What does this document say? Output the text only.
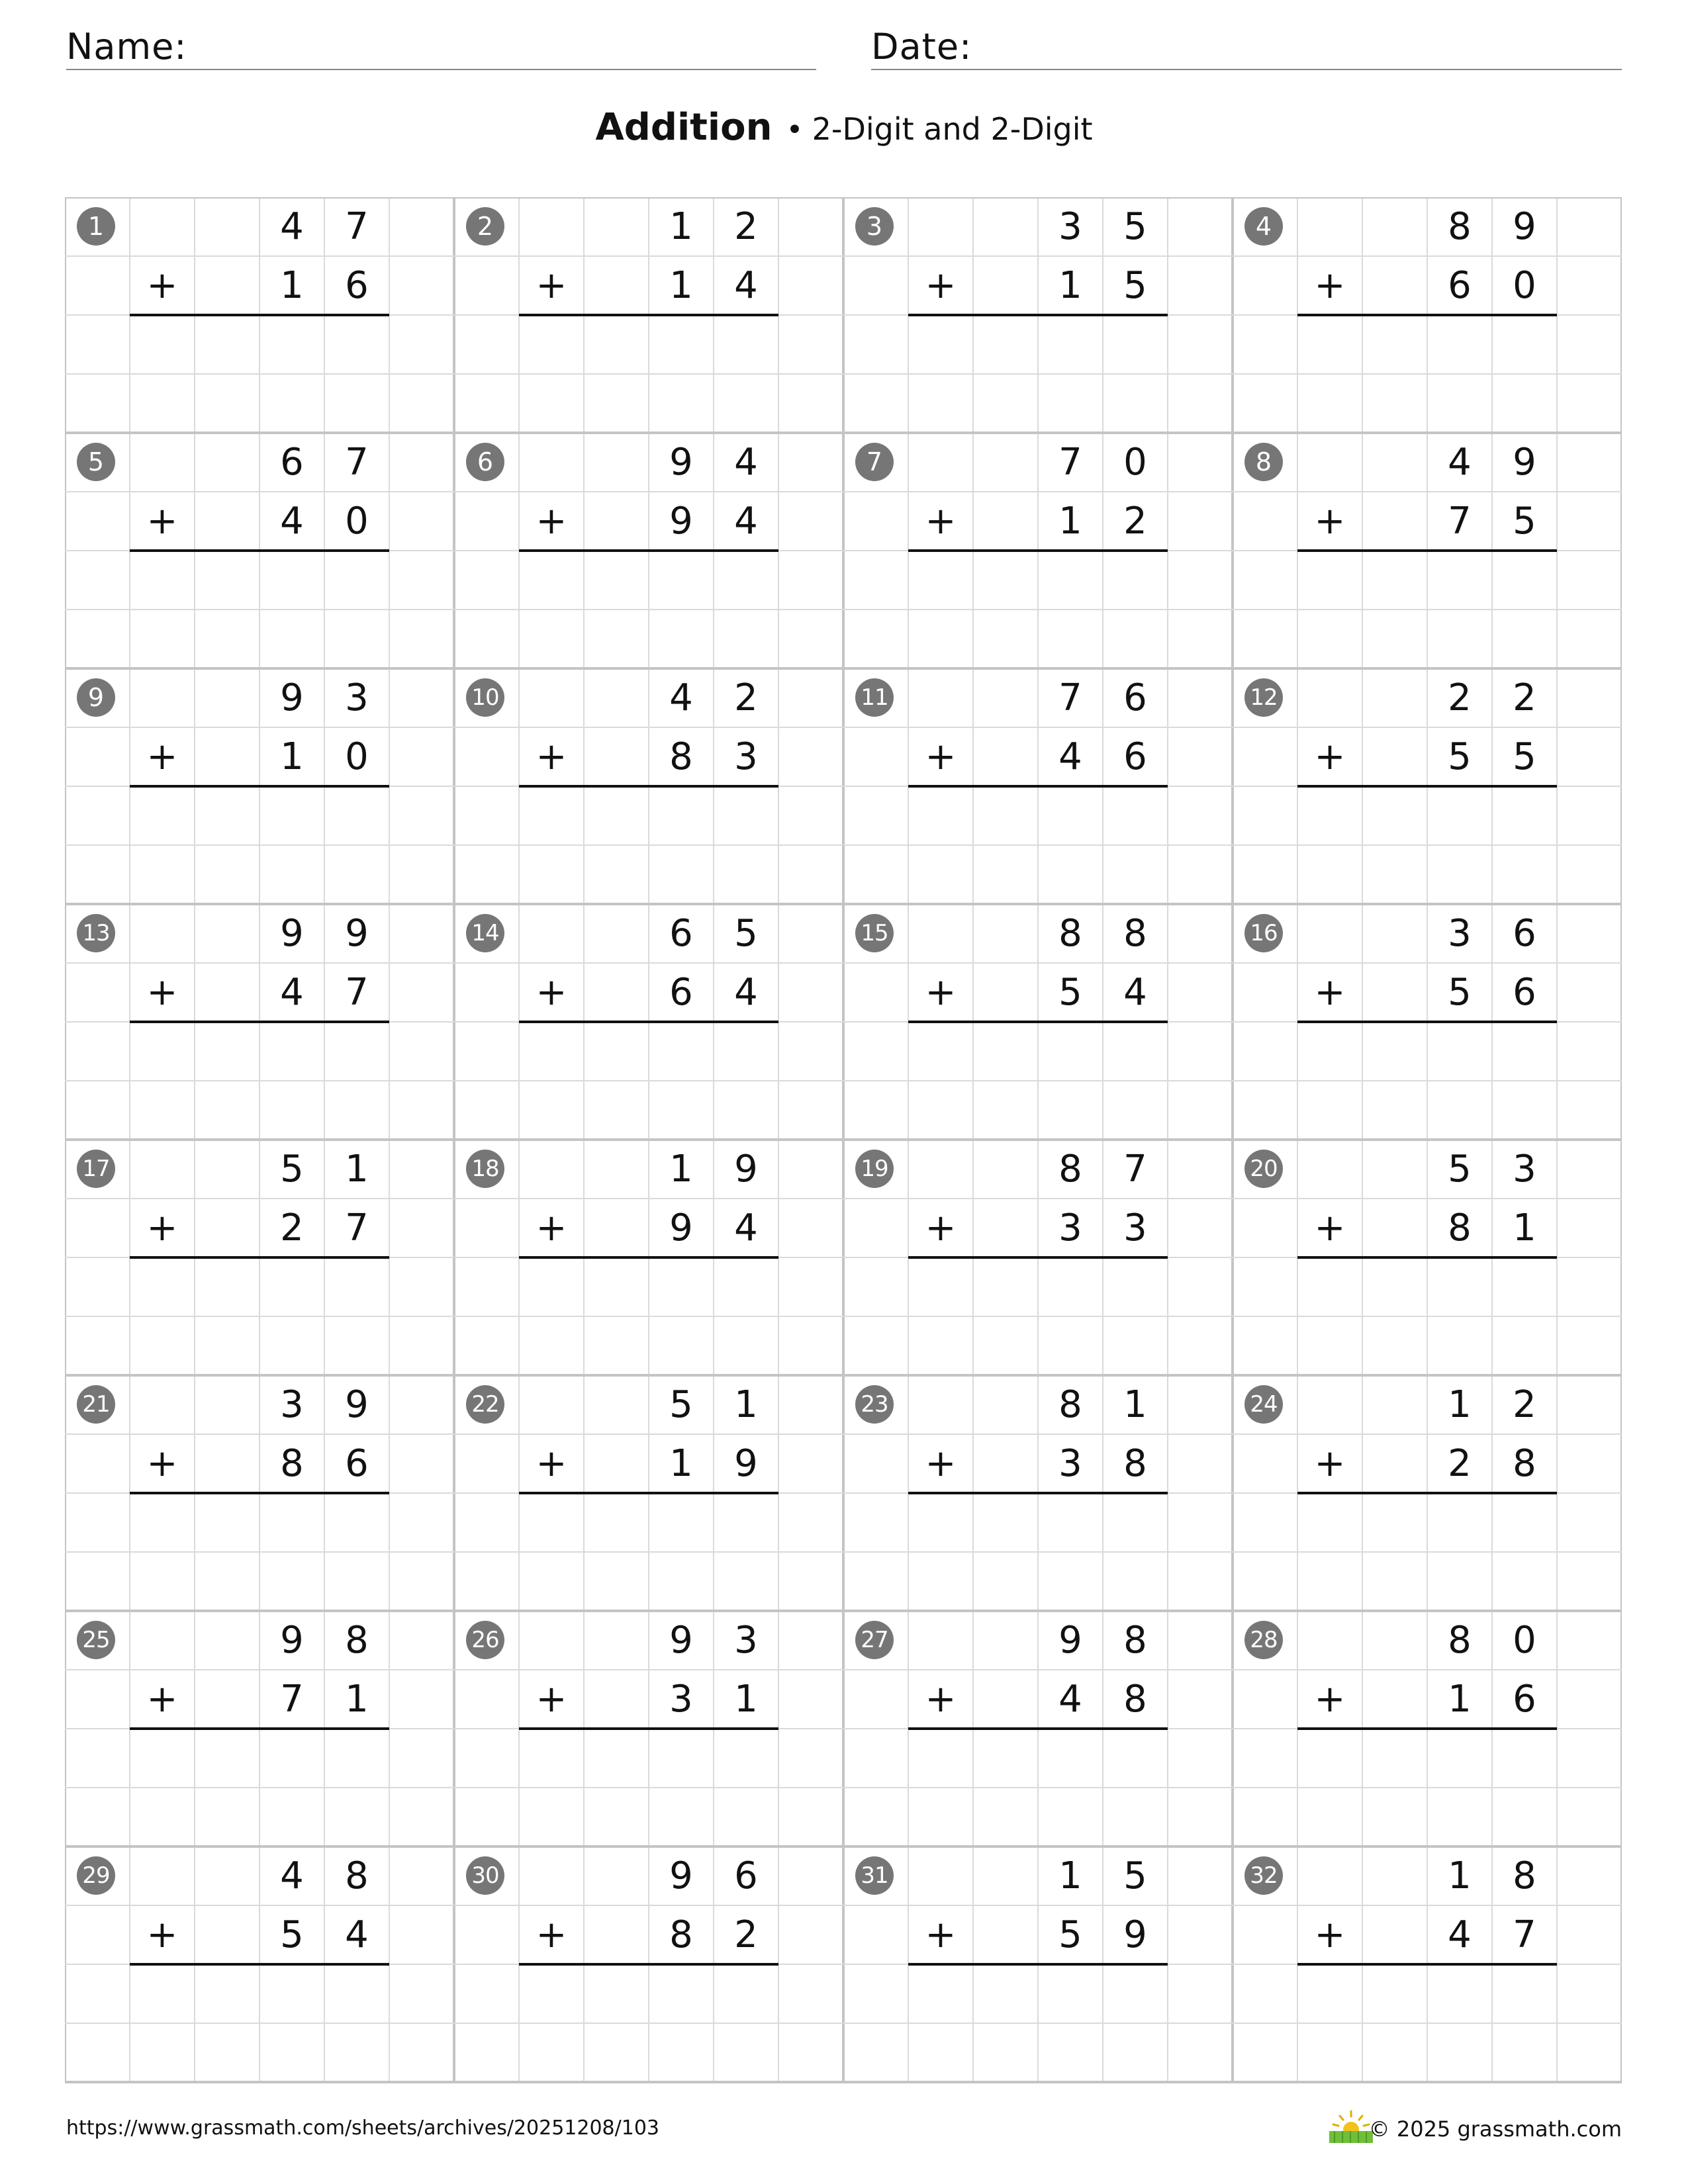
Name:	Date:
Addition • 2-Digit and 2-Digit
1	4	7
+	1	6
2	1	2
+	1	4
3	3	5
+	1	5
4	8	9
+	6	0
5	6	7
+	4	0
6	9	4
+	9	4
7	7	0
+	1	2
8	4	9
+	7	5
9	9	3
+	1	0
10	4	2
+	8	3
11	7	6
+	4	6
12	2	2
+	5	5
13	9	9
+	4	7
14	6	5
+	6	4
15	8	8
+	5	4
16	3	6
+	5	6
17	5	1
+	2	7
18	1	9
+	9	4
19	8	7
+	3	3
20	5	3
+	8	1
21	3	9
+	8	6
22	5	1
+	1	9
23	8	1
+	3	8
24	1	2
+	2	8
25	9	8
+	7	1
26	9	3
+	3	1
27	9	8
+	4	8
28	8	0
+	1	6
29	4	8
+	5	4
30	9	6
+	8	2
31	1	5
+	5	9
32	1	8
+	4	7
https://www.grassmath.com/sheets/archives/20251208/103	© 2025 grassmath.com
